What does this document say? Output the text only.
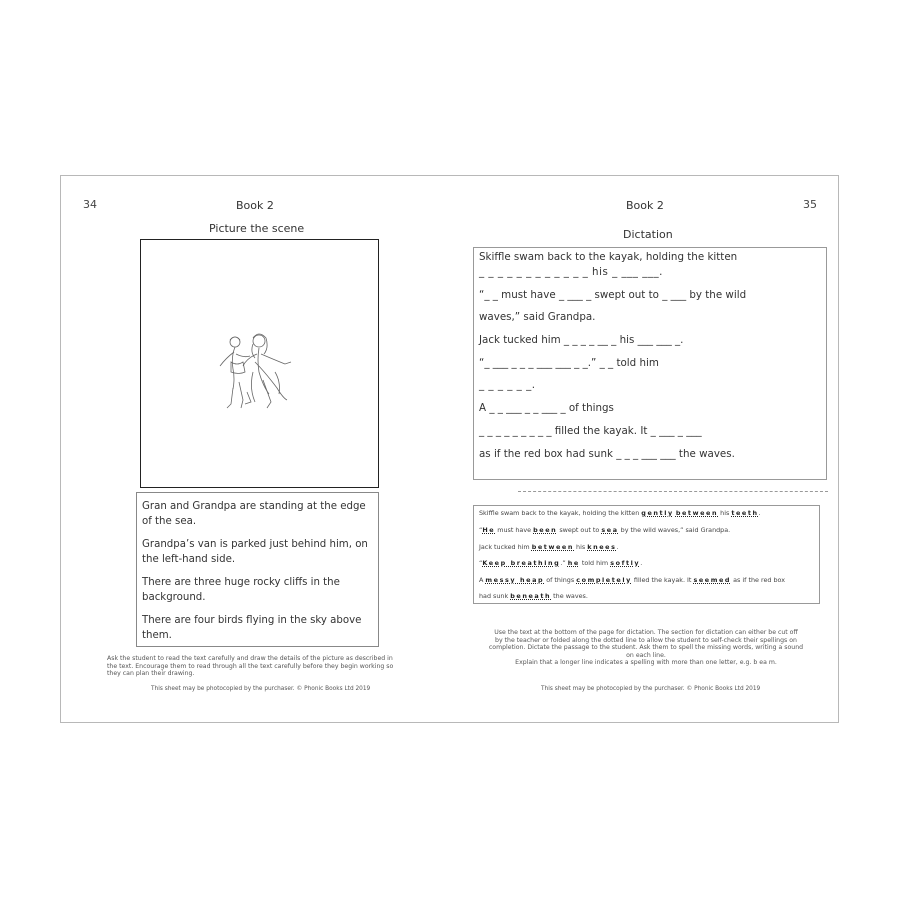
34	Book 2
Picture the scene

Gran and Grandpa are standing at the edge of the sea.

Grandpa’s van is parked just behind him, on the left-hand side.

There are three huge rocky cliffs in the background.

There are four birds flying in the sky above them.

Ask the student to read the text carefully and draw the details of the picture as described in the text. Encourage them to read through all the text carefully before they begin working so they can plan their drawing.
This sheet may be photocopied by the purchaser. © Phonic Books Ltd 2019
35
Book 2
Dictation
Skiffle swam back to the kayak, holding the kitten
_ _ _ _ _ _ _ _ _ _ _ _ his _ ___ ___.
“_ _ must have _ ___ _ swept out to _ ___ by the wild
waves,” said Grandpa.
Jack tucked him _ _ _ _ __ _ his ___ ___ _.
“_ ___ _ _ _ ___ ___ _ _.” _ _ told him
_ _ _ _ _ _.
A _ _ ___ _ _ ___ _ of things
_ _ _ _ _ _ _ _ _ filled the kayak. It _ ___ _ ___
as if the red box had sunk _ _ _ ___ ___ the waves.
Skiffle swam back to the kayak, holding the kitten gently between his teeth.
“He must have been swept out to sea by the wild waves,” said Grandpa.
Jack tucked him between his knees.
“Keep breathing.” he told him softly.
A messy heap of things completely filled the kayak. It seemed as if the red box
had sunk beneath the waves.
Use the text at the bottom of the page for dictation. The section for dictation can either be cut off
by the teacher or folded along the dotted line to allow the student to self-check their spellings on
completion. Dictate the passage to the student. Ask them to spell the missing words, writing a sound
on each line.
Explain that a longer line indicates a spelling with more than one letter, e.g. b ea m.
This sheet may be photocopied by the purchaser. © Phonic Books Ltd 2019
